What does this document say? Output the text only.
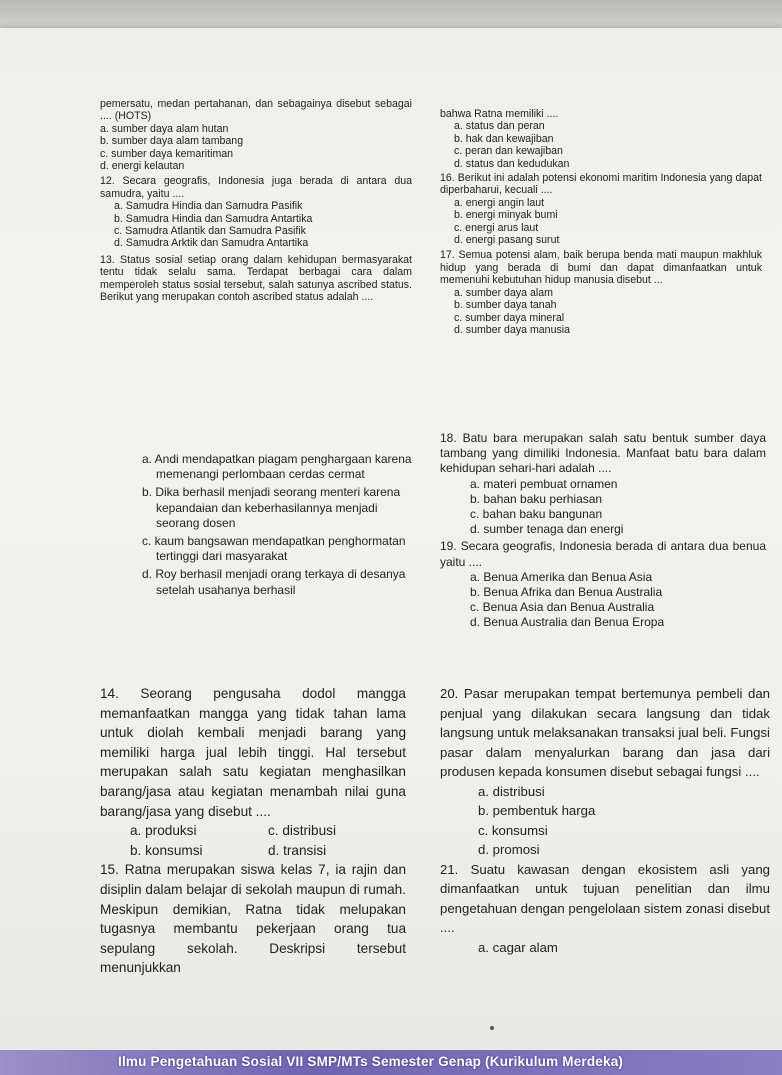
pemersatu, medan pertahanan, dan sebagainya disebut sebagai .... (HOTS)

a. sumber daya alam hutan
b. sumber daya alam tambang
c. sumber daya kemaritiman
d. energi kelautan

12. Secara geografis, Indonesia juga berada di antara dua samudra, yaitu ....

a. Samudra Hindia dan Samudra Pasifik
b. Samudra Hindia dan Samudra Antartika
c. Samudra Atlantik dan Samudra Pasifik
d. Samudra Arktik dan Samudra Antartika

13. Status sosial setiap orang dalam kehidupan bermasyarakat tentu tidak selalu sama. Terdapat berbagai cara dalam memperoleh status sosial tersebut, salah satunya ascribed status. Berikut yang merupakan contoh ascribed status adalah ....

a. Andi mendapatkan piagam penghargaan karena memenangi perlombaan cerdas cermat
b. Dika berhasil menjadi seorang menteri karena kepandaian dan keberhasilannya menjadi seorang dosen
c. kaum bangsawan mendapatkan penghormatan tertinggi dari masyarakat
d. Roy berhasil menjadi orang terkaya di desanya setelah usahanya berhasil

14. Seorang pengusaha dodol mangga memanfaatkan mangga yang tidak tahan lama untuk diolah kembali menjadi barang yang memiliki harga jual lebih tinggi. Hal tersebut merupakan salah satu kegiatan menghasilkan barang/jasa atau kegiatan menambah nilai guna barang/jasa yang disebut ....

a. produksi	c. distribusi
b. konsumsi	d. transisi

15. Ratna merupakan siswa kelas 7, ia rajin dan disiplin dalam belajar di sekolah maupun di rumah. Meskipun demikian, Ratna tidak melupakan tugasnya membantu pekerjaan orang tua sepulang sekolah. Deskripsi tersebut menunjukkan

bahwa Ratna memiliki ....

a. status dan peran
b. hak dan kewajiban
c. peran dan kewajiban
d. status dan kedudukan

16. Berikut ini adalah potensi ekonomi maritim Indonesia yang dapat diperbaharui, kecuali ....

a. energi angin laut
b. energi minyak bumi
c. energi arus laut
d. energi pasang surut

17. Semua potensi alam, baik berupa benda mati maupun makhluk hidup yang berada di bumi dan dapat dimanfaatkan untuk memenuhi kebutuhan hidup manusia disebut ...

a. sumber daya alam
b. sumber daya tanah
c. sumber daya mineral
d. sumber daya manusia

18. Batu bara merupakan salah satu bentuk sumber daya tambang yang dimiliki Indonesia. Manfaat batu bara dalam kehidupan sehari-hari adalah ....

a. materi pembuat ornamen
b. bahan baku perhiasan
c. bahan baku bangunan
d. sumber tenaga dan energi

19. Secara geografis, Indonesia berada di antara dua benua yaitu ....

a. Benua Amerika dan Benua Asia
b. Benua Afrika dan Benua Australia
c. Benua Asia dan Benua Australia
d. Benua Australia dan Benua Eropa

20. Pasar merupakan tempat bertemunya pembeli dan penjual yang dilakukan secara langsung dan tidak langsung untuk melaksanakan transaksi jual beli. Fungsi pasar dalam menyalurkan barang dan jasa dari produsen kepada konsumen disebut sebagai fungsi ....

a. distribusi
b. pembentuk harga
c. konsumsi
d. promosi

21. Suatu kawasan dengan ekosistem asli yang dimanfaatkan untuk tujuan penelitian dan ilmu pengetahuan dengan pengelolaan sistem zonasi disebut ....

a. cagar alam
Ilmu Pengetahuan Sosial VII SMP/MTs Semester Genap (Kurikulum Merdeka)
